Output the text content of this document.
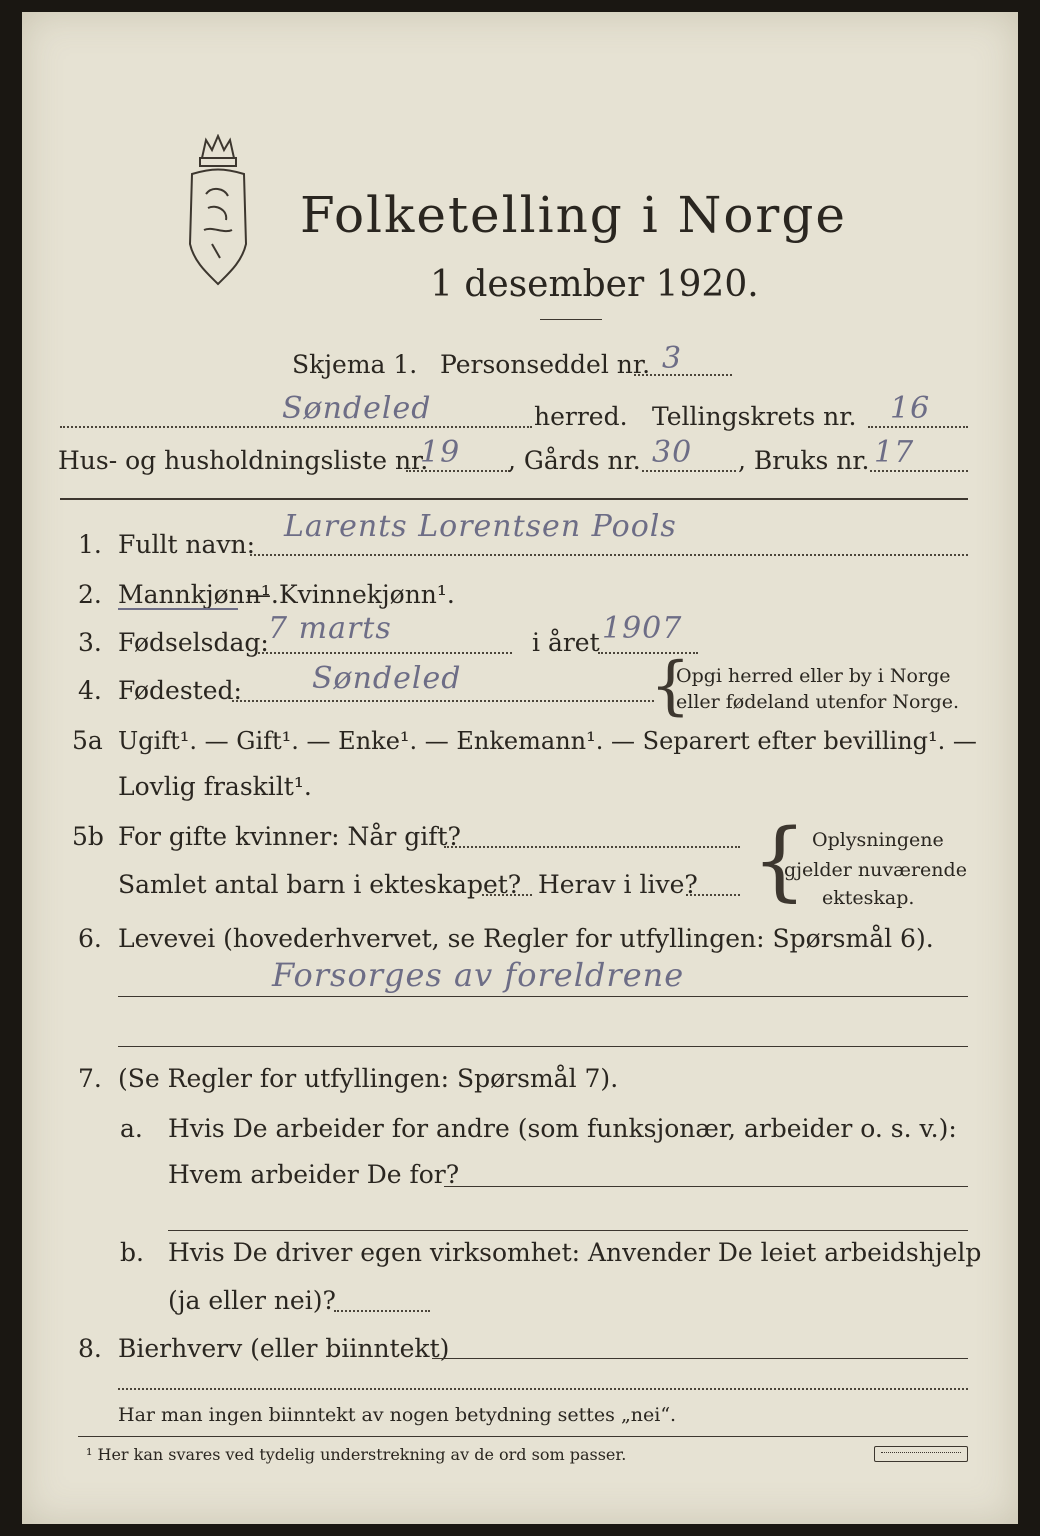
Folketelling i Norge
1 desember 1920.
Skjema 1. Personseddel nr. 3
Søndeled	herred. Tellingskrets nr. 16
Hus- og husholdningsliste nr.
19 , Gårds nr. 30 , Bruks nr. 17
1. Fullt navn:
Larents Lorentsen Pools
2. Mannkjønn¹.
— Kvinnekjønn¹.
3. Fødselsdag: 7 marts	i året 1907
4. Fødested: Søndeled	{
Opgi herred eller by i Norge
eller fødeland utenfor Norge.
5a Ugift¹. — Gift¹. — Enke¹. — Enkemann¹. — Separert efter bevilling¹. —
Lovlig fraskilt¹.
5b For gifte kvinner: Når gift?
Samlet antal barn i ekteskapet? Herav i live? { Oplysningene
gjelder nuværende
ekteskap.
6. Levevei (hovederhvervet, se Regler for utfyllingen: Spørsmål 6).
Forsorges av foreldrene
7. (Se Regler for utfyllingen: Spørsmål 7).
a. Hvis De arbeider for andre (som funksjonær, arbeider o. s. v.):
Hvem arbeider De for?
b. Hvis De driver egen virksomhet: Anvender De leiet arbeidshjelp
(ja eller nei)?
8. Bierhverv (eller biinntekt)
Har man ingen biinntekt av nogen betydning settes „nei“.
¹ Her kan svares ved tydelig understrekning av de ord som passer.
